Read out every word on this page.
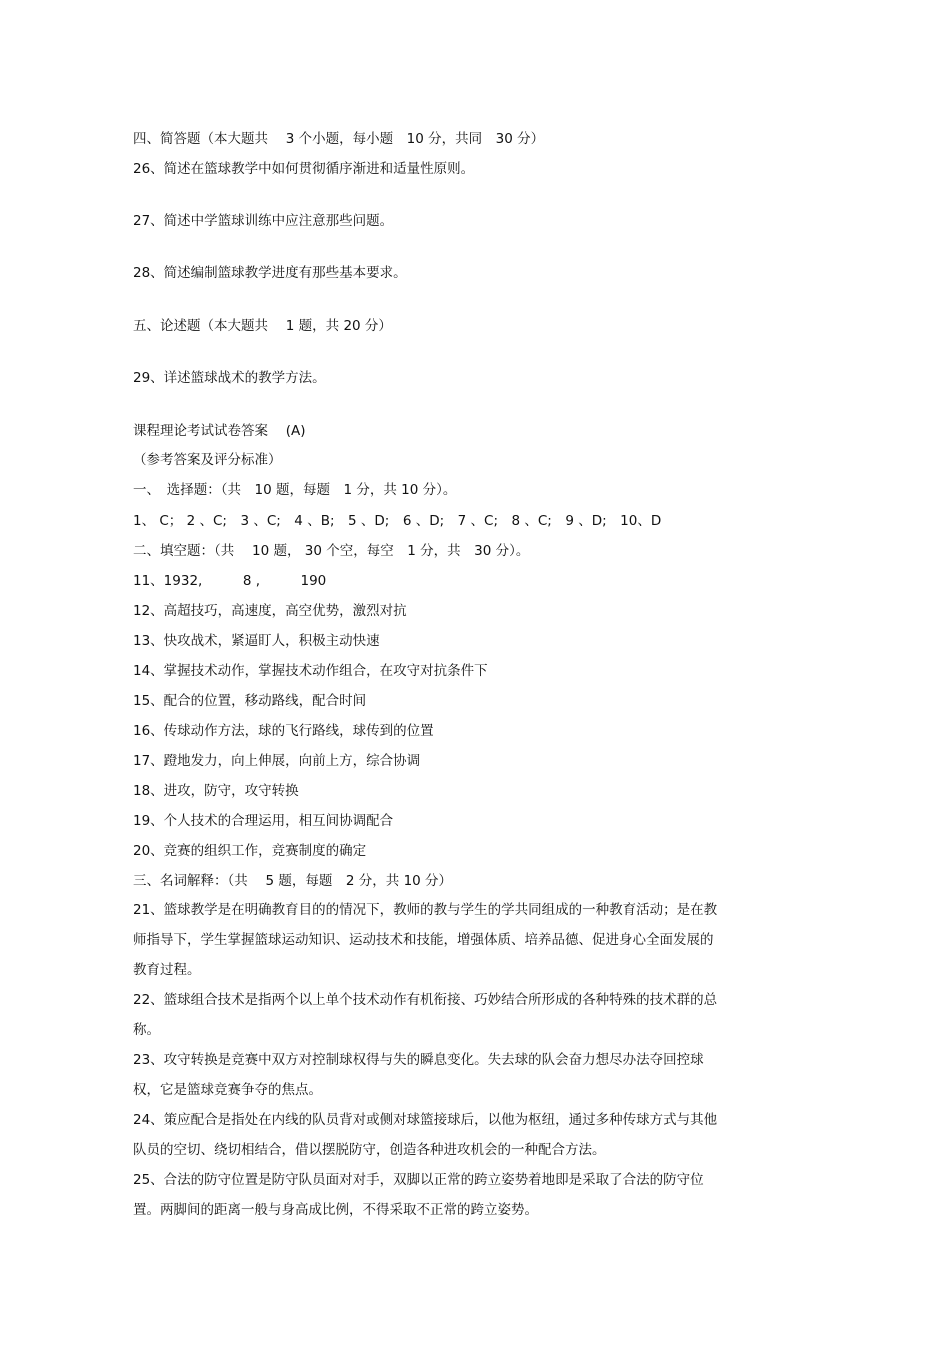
四、简答题（本大题共　 3 个小题，每小题　10 分，共同　30 分）
26、简述在篮球教学中如何贯彻循序渐进和适量性原则。
27、简述中学篮球训练中应注意那些问题。
28、简述编制篮球教学进度有那些基本要求。
五、论述题（本大题共　 1 题，共 20 分）
29、详述篮球战术的教学方法。
课程理论考试试卷答案　 (A)
（参考答案及评分标准）
一、　选择题：（共　10 题，每题　1 分，共 10 分）。
1、 C； 2 、C;　3 、C;　4 、B;　5 、D;　6 、D;　7 、C;　8 、C;　9 、D;　10、D
二、填空题：（共　 10 题， 30 个空，每空　1 分，共　30 分）。
11、1932,　　　8 ,　　　190
12、高超技巧，高速度，高空优势，激烈对抗
13、快攻战术，紧逼盯人，积极主动快速
14、掌握技术动作，掌握技术动作组合，在攻守对抗条件下
15、配合的位置，移动路线，配合时间
16、传球动作方法，球的飞行路线，球传到的位置
17、蹬地发力，向上伸展，向前上方，综合协调
18、进攻，防守，攻守转换
19、个人技术的合理运用，相互间协调配合
20、竞赛的组织工作，竞赛制度的确定
三、名词解释：（共　 5 题，每题　2 分，共 10 分）
21、篮球教学是在明确教育目的的情况下，教师的教与学生的学共同组成的一种教育活动；是在教师指导下，学生掌握篮球运动知识、运动技术和技能，增强体质、培养品德、促进身心全面发展的教育过程。
22、篮球组合技术是指两个以上单个技术动作有机衔接、巧妙结合所形成的各种特殊的技术群的总称。
23、攻守转换是竞赛中双方对控制球权得与失的瞬息变化。失去球的队会奋力想尽办法夺回控球权，它是篮球竞赛争夺的焦点。
24、策应配合是指处在内线的队员背对或侧对球篮接球后，以他为枢纽，通过多种传球方式与其他队员的空切、绕切相结合，借以摆脱防守，创造各种进攻机会的一种配合方法。
25、合法的防守位置是防守队员面对对手，双脚以正常的跨立姿势着地即是采取了合法的防守位置。两脚间的距离一般与身高成比例，不得采取不正常的跨立姿势。
